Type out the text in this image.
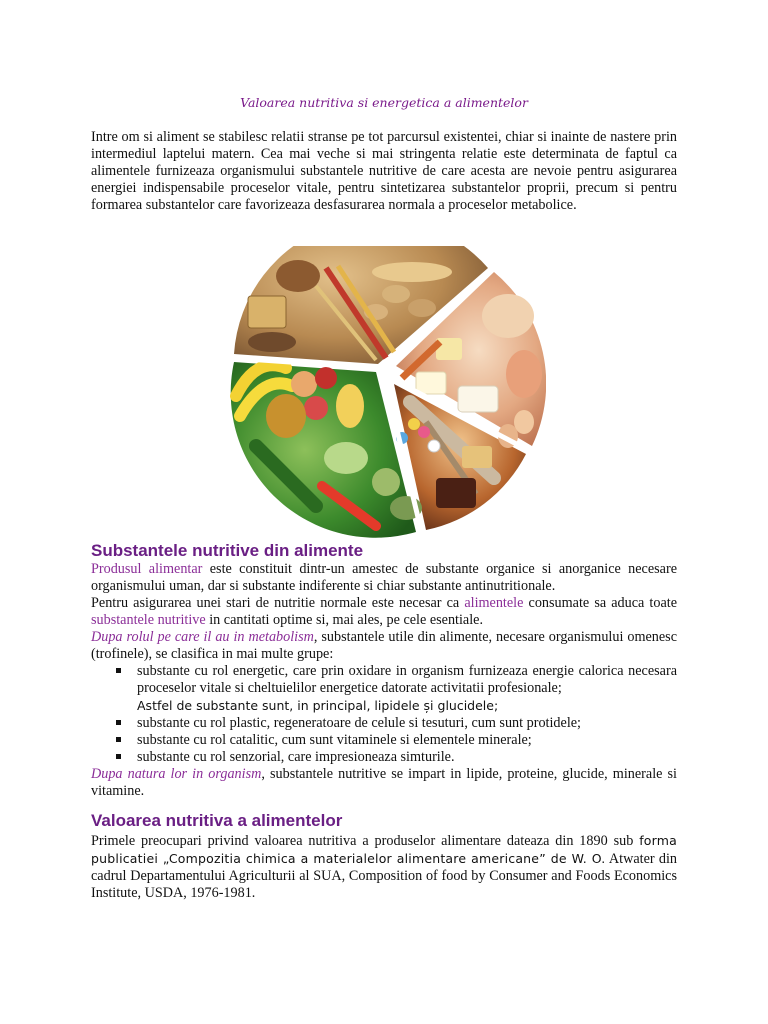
Valoarea nutritiva si energetica a alimentelor

Intre om si aliment se stabilesc relatii stranse pe tot parcursul existentei, chiar si inainte de nastere prin intermediul laptelui matern. Cea mai veche si mai stringenta relatie este determinata de faptul ca alimentele furnizeaza organismului substantele nutritive de care acesta are nevoie pentru asigurarea energiei indispensabile proceselor vitale, pentru sintetizarea substantelor proprii, precum si pentru formarea substantelor care favorizeaza desfasurarea normala a proceselor metabolice.

Substantele nutritive din alimente

Produsul alimentar este constituit dintr-un amestec de substante organice si anorganice necesare organismului uman, dar si substante indiferente si chiar substante antinutritionale.

Pentru asigurarea unei stari de nutritie normale este necesar ca alimentele consumate sa aduca toate substantele nutritive in cantitati optime si, mai ales, pe cele esentiale.

Dupa rolul pe care il au in metabolism, substantele utile din alimente, necesare organismului omenesc (trofinele), se clasifica in mai multe grupe:

substante cu rol energetic, care prin oxidare in organism furnizeaza energie calorica necesara proceselor vitale si cheltuielilor energetice datorate activitatii profesionale;
Astfel de substante sunt, in principal, lipidele și glucidele;
substante cu rol plastic, regeneratoare de celule si tesuturi, cum sunt protidele;
substante cu rol catalitic, cum sunt vitaminele si elementele minerale;
substante cu rol senzorial, care impresioneaza simturile.

Dupa natura lor in organism, substantele nutritive se impart in lipide, proteine, glucide, minerale si vitamine.

Valoarea nutritiva a alimentelor

Primele preocupari privind valoarea nutritiva a produselor alimentare dateaza din 1890 sub forma publicatiei „Compozitia chimica a materialelor alimentare americane” de W. O. Atwater din cadrul Departamentului Agriculturii al SUA, Composition of food by Consumer and Foods Economics Institute, USDA, 1976-1981.
